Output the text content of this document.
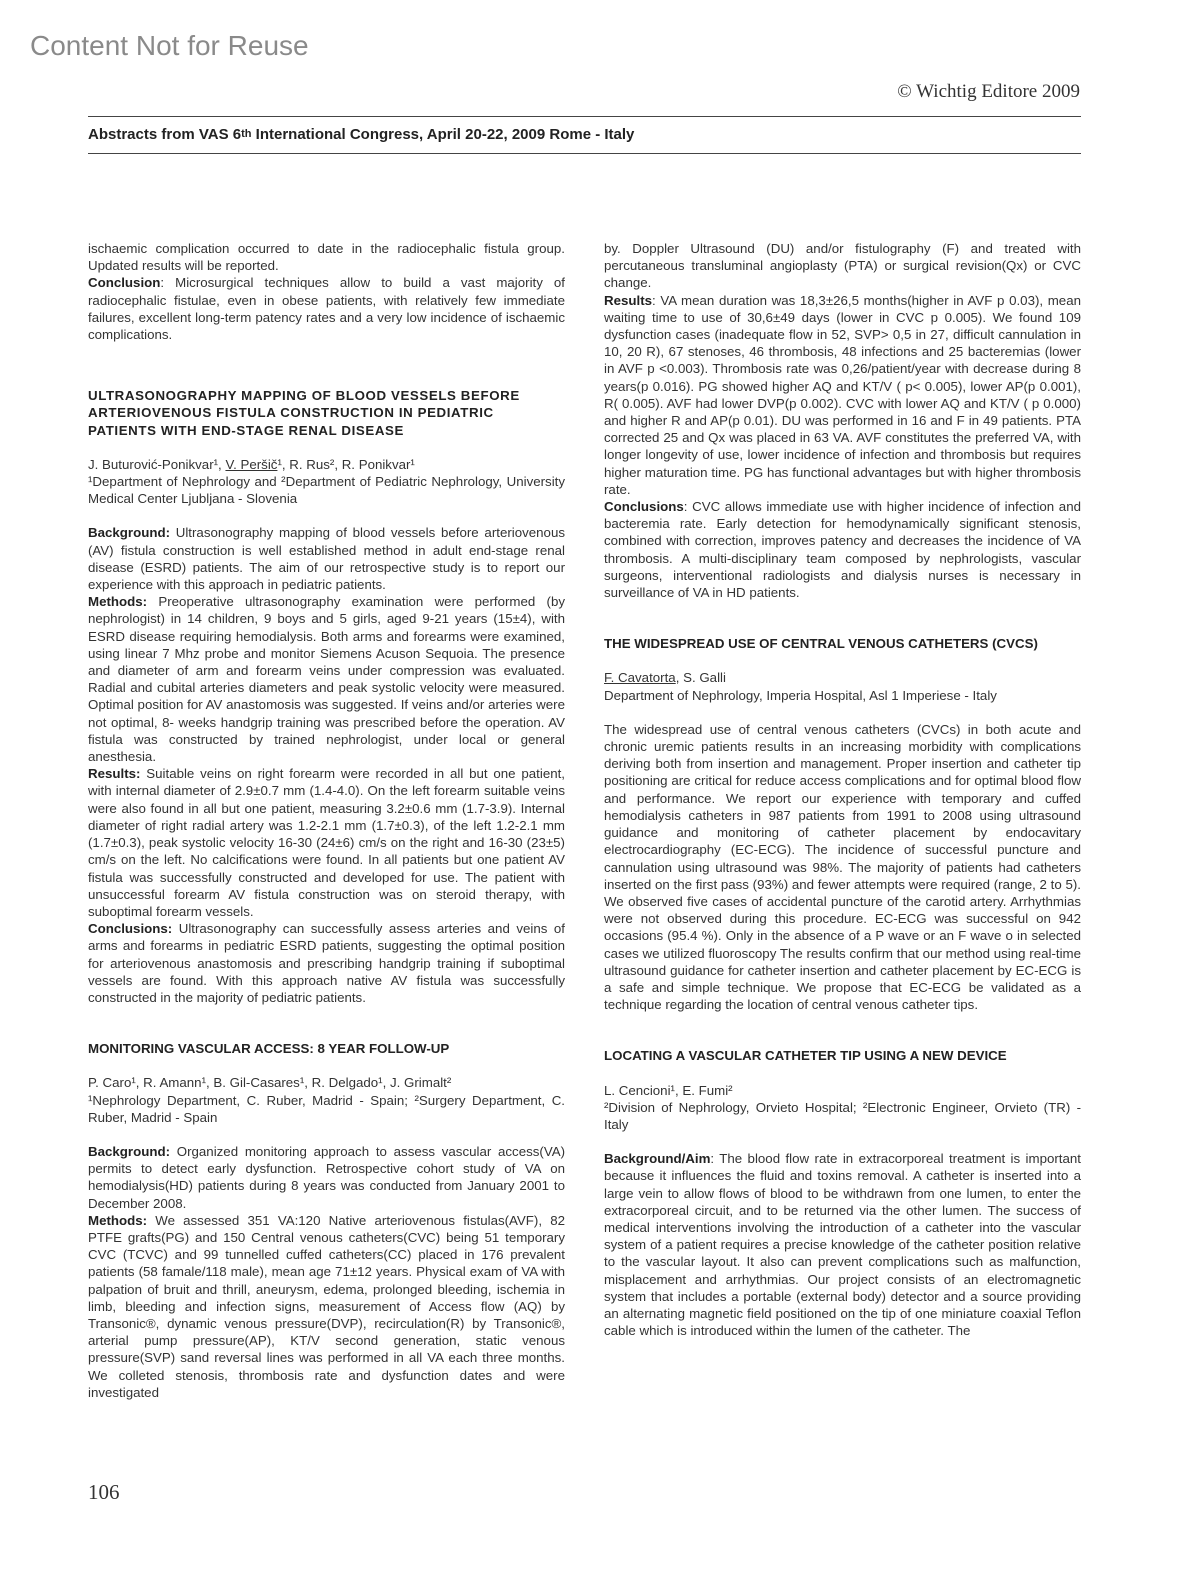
Content Not for Reuse
© Wichtig Editore 2009
Abstracts from VAS 6th International Congress, April 20-22, 2009 Rome - Italy

ischaemic complication occurred to date in the radiocephalic fistula group. Updated results will be reported.

Conclusion: Microsurgical techniques allow to build a vast majority of radiocephalic fistulae, even in obese patients, with relatively few immediate failures, excellent long-term patency rates and a very low incidence of ischaemic complications.

ULTRASONOGRAPHY MAPPING OF BLOOD VESSELS BEFORE ARTERIOVENOUS FISTULA CONSTRUCTION IN PEDIATRIC PATIENTS WITH END-STAGE RENAL DISEASE

J. Buturović-Ponikvar¹, V. Peršič¹, R. Rus², R. Ponikvar¹

¹Department of Nephrology and ²Department of Pediatric Nephrology, University Medical Center Ljubljana - Slovenia

Background: Ultrasonography mapping of blood vessels before arteriovenous (AV) fistula construction is well established method in adult end-stage renal disease (ESRD) patients. The aim of our retrospective study is to report our experience with this approach in pediatric patients.

Methods: Preoperative ultrasonography examination were performed (by nephrologist) in 14 children, 9 boys and 5 girls, aged 9-21 years (15±4), with ESRD disease requiring hemodialysis. Both arms and forearms were examined, using linear 7 Mhz probe and monitor Siemens Acuson Sequoia. The presence and diameter of arm and forearm veins under compression was evaluated. Radial and cubital arteries diameters and peak systolic velocity were measured. Optimal position for AV anastomosis was suggested. If veins and/or arteries were not optimal, 8- weeks handgrip training was prescribed before the operation. AV fistula was constructed by trained nephrologist, under local or general anesthesia.

Results: Suitable veins on right forearm were recorded in all but one patient, with internal diameter of 2.9±0.7 mm (1.4-4.0). On the left forearm suitable veins were also found in all but one patient, measuring 3.2±0.6 mm (1.7-3.9). Internal diameter of right radial artery was 1.2-2.1 mm (1.7±0.3), of the left 1.2-2.1 mm (1.7±0.3), peak systolic velocity 16-30 (24±6) cm/s on the right and 16-30 (23±5) cm/s on the left. No calcifications were found. In all patients but one patient AV fistula was successfully constructed and developed for use. The patient with unsuccessful forearm AV fistula construction was on steroid therapy, with suboptimal forearm vessels.

Conclusions: Ultrasonography can successfully assess arteries and veins of arms and forearms in pediatric ESRD patients, suggesting the optimal position for arteriovenous anastomosis and prescribing handgrip training if suboptimal vessels are found. With this approach native AV fistula was successfully constructed in the majority of pediatric patients.

MONITORING VASCULAR ACCESS: 8 YEAR FOLLOW-UP

P. Caro¹, R. Amann¹, B. Gil-Casares¹, R. Delgado¹, J. Grimalt²

¹Nephrology Department, C. Ruber, Madrid - Spain; ²Surgery Department, C. Ruber, Madrid - Spain

Background: Organized monitoring approach to assess vascular access(VA) permits to detect early dysfunction. Retrospective cohort study of VA on hemodialysis(HD) patients during 8 years was conducted from January 2001 to December 2008.

Methods: We assessed 351 VA:120 Native arteriovenous fistulas(AVF), 82 PTFE grafts(PG) and 150 Central venous catheters(CVC) being 51 temporary CVC (TCVC) and 99 tunnelled cuffed catheters(CC) placed in 176 prevalent patients (58 famale/118 male), mean age 71±12 years. Physical exam of VA with palpation of bruit and thrill, aneurysm, edema, prolonged bleeding, ischemia in limb, bleeding and infection signs, measurement of Access flow (AQ) by Transonic®, dynamic venous pressure(DVP), recirculation(R) by Transonic®, arterial pump pressure(AP), KT/V second generation, static venous pressure(SVP) sand reversal lines was performed in all VA each three months. We colleted stenosis, thrombosis rate and dysfunction dates and were investigated

by. Doppler Ultrasound (DU) and/or fistulography (F) and treated with percutaneous transluminal angioplasty (PTA) or surgical revision(Qx) or CVC change.

Results: VA mean duration was 18,3±26,5 months(higher in AVF p 0.03), mean waiting time to use of 30,6±49 days (lower in CVC p 0.005). We found 109 dysfunction cases (inadequate flow in 52, SVP> 0,5 in 27, difficult cannulation in 10, 20 R), 67 stenoses, 46 thrombosis, 48 infections and 25 bacteremias (lower in AVF p <0.003). Thrombosis rate was 0,26/patient/year with decrease during 8 years(p 0.016). PG showed higher AQ and KT/V ( p< 0.005), lower AP(p 0.001), R( 0.005). AVF had lower DVP(p 0.002). CVC with lower AQ and KT/V ( p 0.000) and higher R and AP(p 0.01). DU was performed in 16 and F in 49 patients. PTA corrected 25 and Qx was placed in 63 VA. AVF constitutes the preferred VA, with longer longevity of use, lower incidence of infection and thrombosis but requires higher maturation time. PG has functional advantages but with higher thrombosis rate.

Conclusions: CVC allows immediate use with higher incidence of infection and bacteremia rate. Early detection for hemodynamically significant stenosis, combined with correction, improves patency and decreases the incidence of VA thrombosis. A multi-disciplinary team composed by nephrologists, vascular surgeons, interventional radiologists and dialysis nurses is necessary in surveillance of VA in HD patients.

THE WIDESPREAD USE OF CENTRAL VENOUS CATHETERS (CVCS)

F. Cavatorta, S. Galli

Department of Nephrology, Imperia Hospital, Asl 1 Imperiese - Italy

The widespread use of central venous catheters (CVCs) in both acute and chronic uremic patients results in an increasing morbidity with complications deriving both from insertion and management. Proper insertion and catheter tip positioning are critical for reduce access complications and for optimal blood flow and performance. We report our experience with temporary and cuffed hemodialysis catheters in 987 patients from 1991 to 2008 using ultrasound guidance and monitoring of catheter placement by endocavitary electrocardiography (EC-ECG). The incidence of successful puncture and cannulation using ultrasound was 98%. The majority of patients had catheters inserted on the first pass (93%) and fewer attempts were required (range, 2 to 5). We observed five cases of accidental puncture of the carotid artery. Arrhythmias were not observed during this procedure. EC-ECG was successful on 942 occasions (95.4 %). Only in the absence of a P wave or an F wave o in selected cases we utilized fluoroscopy The results confirm that our method using real-time ultrasound guidance for catheter insertion and catheter placement by EC-ECG is a safe and simple technique. We propose that EC-ECG be validated as a technique regarding the location of central venous catheter tips.

LOCATING A VASCULAR CATHETER TIP USING A NEW DEVICE

L. Cencioni¹, E. Fumi²

²Division of Nephrology, Orvieto Hospital; ²Electronic Engineer, Orvieto (TR) - Italy

Background/Aim: The blood flow rate in extracorporeal treatment is important because it influences the fluid and toxins removal. A catheter is inserted into a large vein to allow flows of blood to be withdrawn from one lumen, to enter the extracorporeal circuit, and to be returned via the other lumen. The success of medical interventions involving the introduction of a catheter into the vascular system of a patient requires a precise knowledge of the catheter position relative to the vascular layout. It also can prevent complications such as malfunction, misplacement and arrhythmias. Our project consists of an electromagnetic system that includes a portable (external body) detector and a source providing an alternating magnetic field positioned on the tip of one miniature coaxial Teflon cable which is introduced within the lumen of the catheter. The

106
